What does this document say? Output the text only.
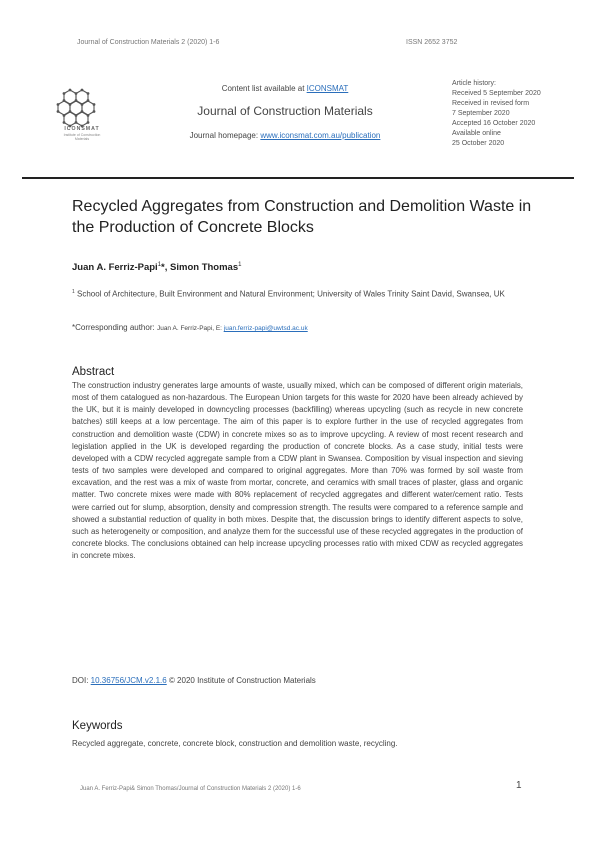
Journal of Construction Materials 2 (2020) 1-6	ISSN 2652 3752
ICONSMAT
Institute of Construction Materials
Content list available at ICONSMAT
Journal of Construction Materials
Journal homepage: www.iconsmat.com.au/publication
Article history:
Received 5 September 2020
Received in revised form
7 September 2020
Accepted 16 October 2020
Available online
25 October 2020
Recycled Aggregates from Construction and Demolition Waste in the Production of Concrete Blocks
Juan A. Ferriz-Papi$^1$*, Simon Thomas$^1$
$^1$ School of Architecture, Built Environment and Natural Environment; University of Wales Trinity Saint David, Swansea, UK
*Corresponding author: Juan A. Ferriz-Papi, E: juan.ferriz-papi@uwtsd.ac.uk
Abstract
The construction industry generates large amounts of waste, usually mixed, which can be composed of different origin materials, most of them catalogued as non-hazardous. The European Union targets for this waste for 2020 have been already achieved by the UK, but it is mainly developed in downcycling processes (backfilling) whereas upcycling (such as recycle in new concrete batches) still keeps at a low percentage. The aim of this paper is to explore further in the use of recycled aggregates from construction and demolition waste (CDW) in concrete mixes so as to improve upcycling. A review of most recent research and legislation applied in the UK is developed regarding the production of concrete blocks. As a case study, initial tests were developed with a CDW recycled aggregate sample from a CDW plant in Swansea. Composition by visual inspection and sieving tests of two samples were developed and compared to original aggregates. More than 70% was formed by soil waste from excavation, and the rest was a mix of waste from mortar, concrete, and ceramics with small traces of plaster, glass and organic matter. Two concrete mixes were made with 80% replacement of recycled aggregates and different water/cement ratio. Tests were carried out for slump, absorption, density and compression strength. The results were compared to a reference sample and showed a substantial reduction of quality in both mixes. Despite that, the discussion brings to identify different aspects to solve, such as heterogeneity or composition, and analyze them for the successful use of these recycled aggregates in the production of concrete blocks. The conclusions obtained can help increase upcycling processes ratio with mixed CDW as recycled aggregates in concrete mixes.
DOI: 10.36756/JCM.v2.1.6 © 2020 Institute of Construction Materials
Keywords
Recycled aggregate, concrete, concrete block, construction and demolition waste, recycling.
Juan A. Ferriz-Papi& Simon Thomas/Journal of Construction Materials 2 (2020) 1-6	1
